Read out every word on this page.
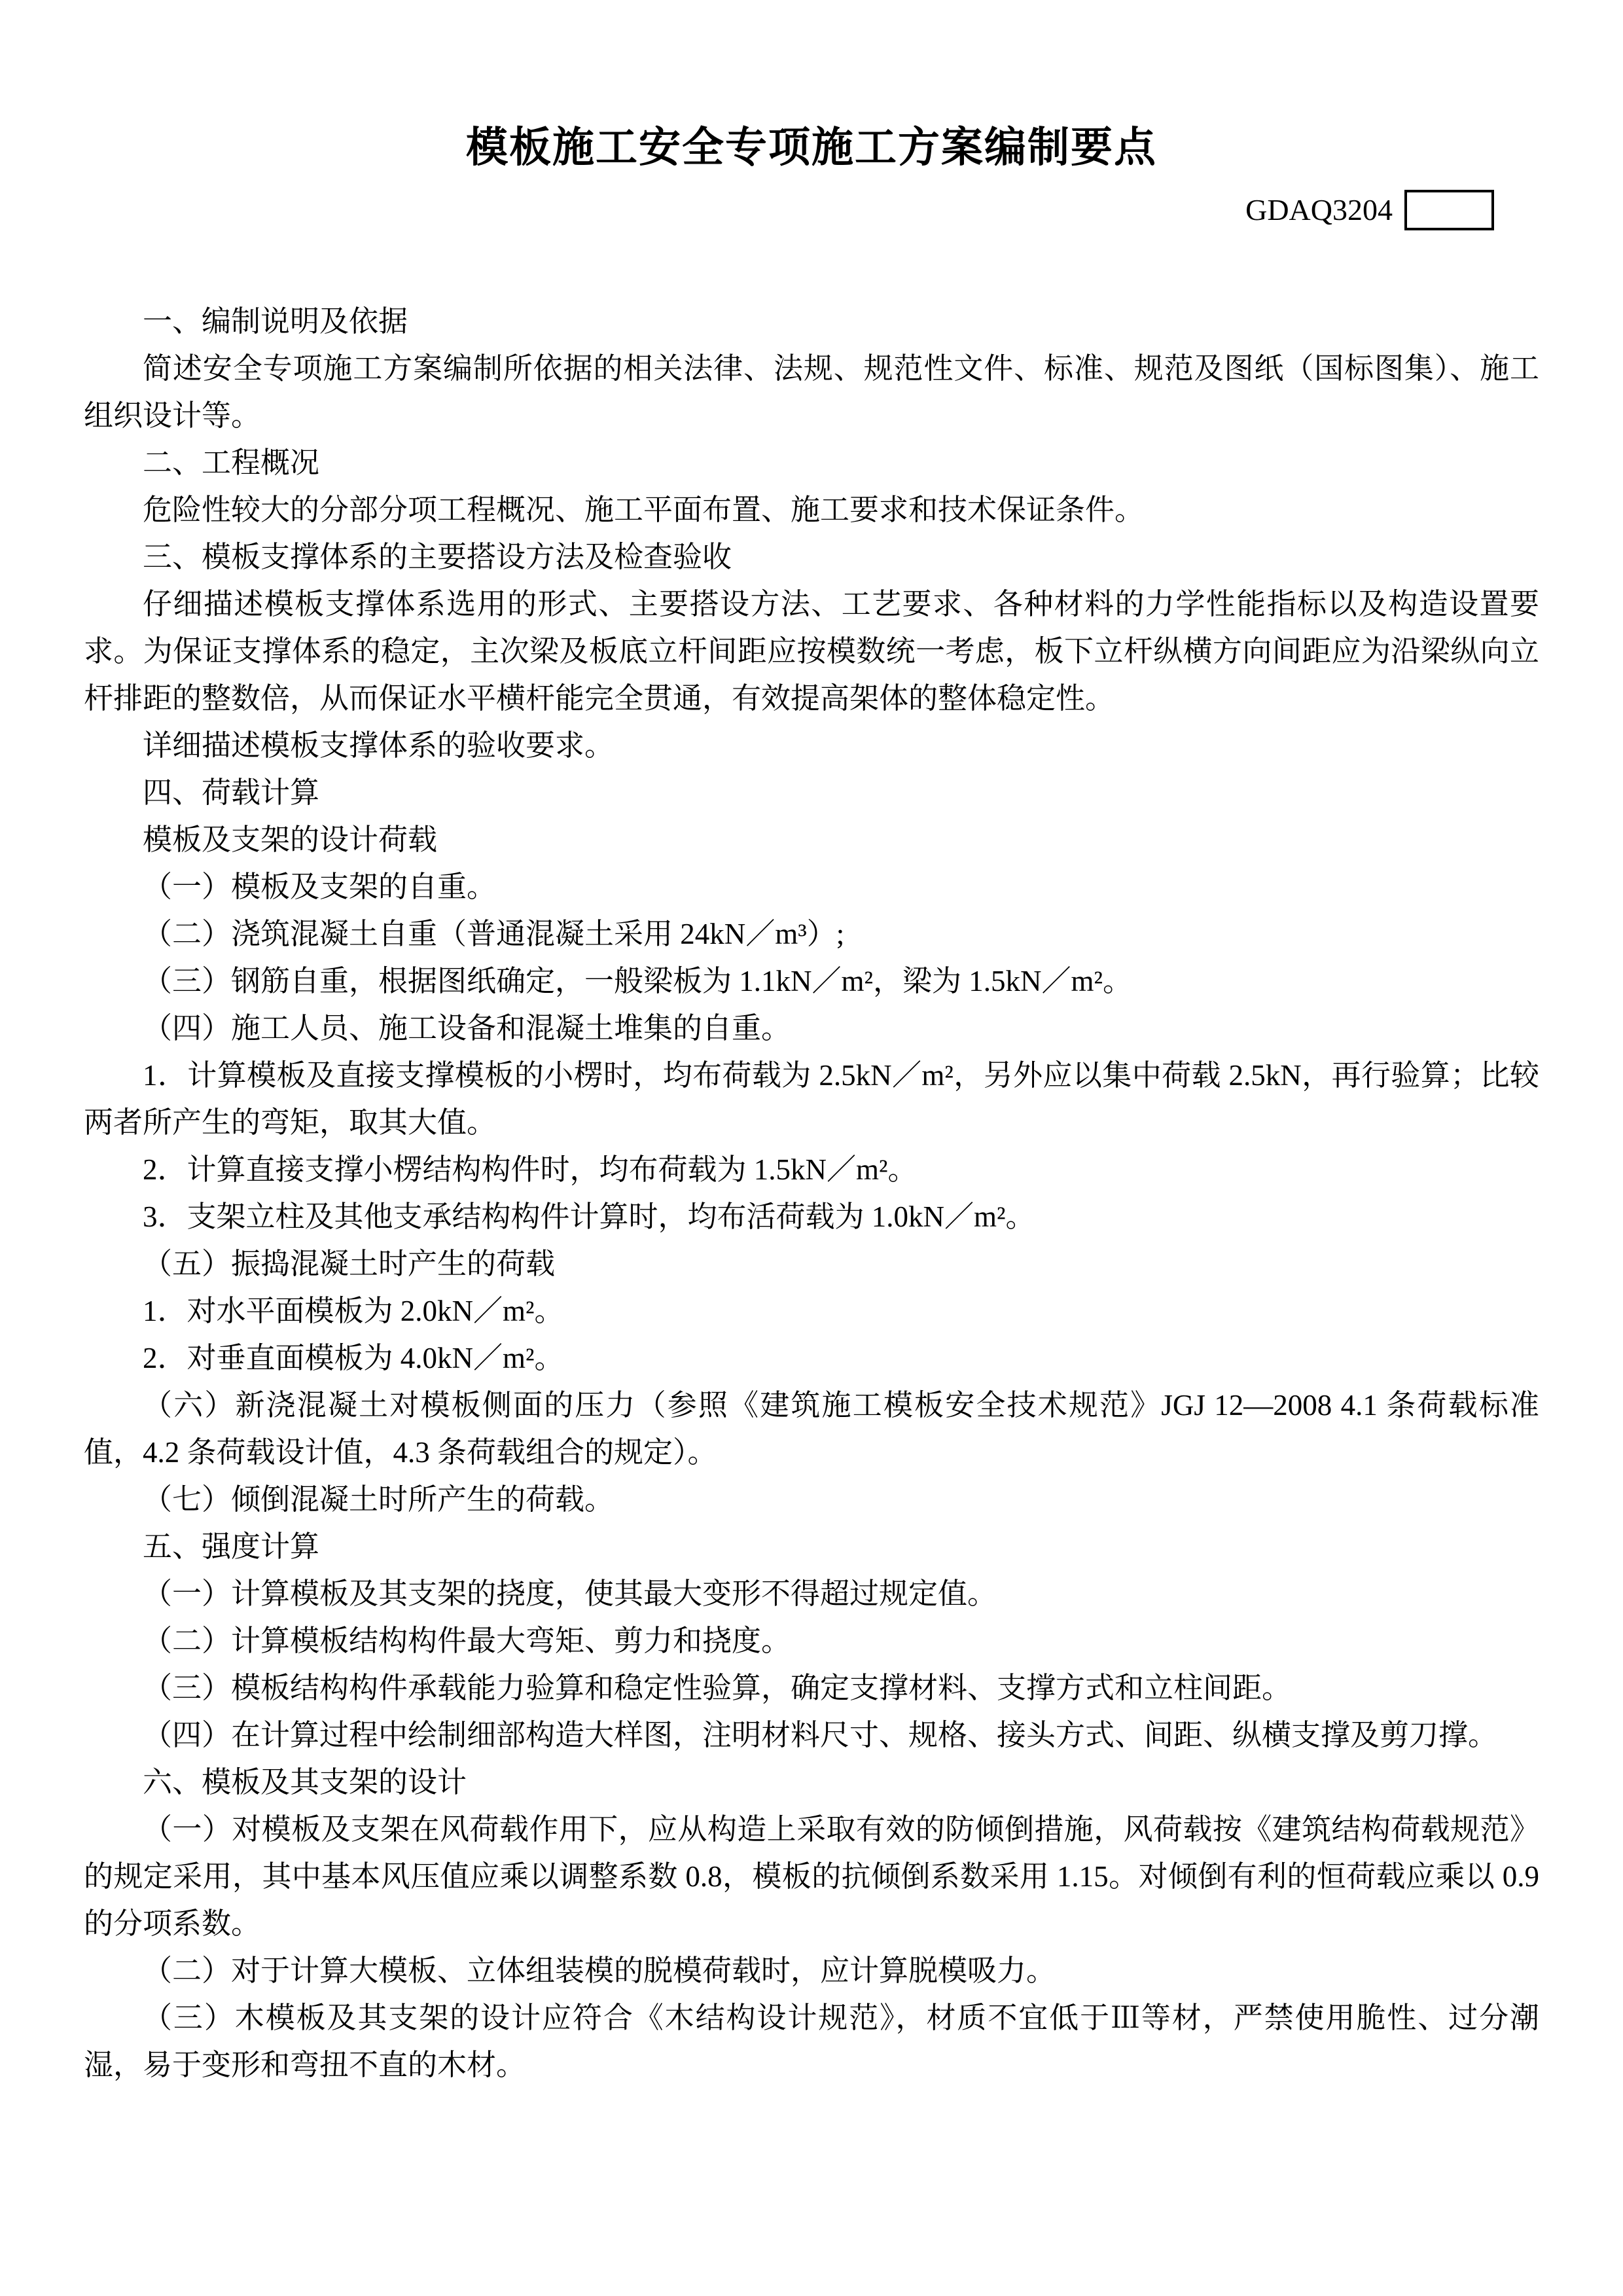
模板施工安全专项施工方案编制要点
GDAQ3204

一、编制说明及依据

简述安全专项施工方案编制所依据的相关法律、法规、规范性文件、标准、规范及图纸（国标图集）、施工组织设计等。

二、工程概况

危险性较大的分部分项工程概况、施工平面布置、施工要求和技术保证条件。

三、模板支撑体系的主要搭设方法及检查验收

仔细描述模板支撑体系选用的形式、主要搭设方法、工艺要求、各种材料的力学性能指标以及构造设置要求。为保证支撑体系的稳定，主次梁及板底立杆间距应按模数统一考虑，板下立杆纵横方向间距应为沿梁纵向立杆排距的整数倍，从而保证水平横杆能完全贯通，有效提高架体的整体稳定性。

详细描述模板支撑体系的验收要求。

四、荷载计算

模板及支架的设计荷载

（一）模板及支架的自重。

（二）浇筑混凝土自重（普通混凝土采用 24kN／m³）;

（三）钢筋自重，根据图纸确定，一般梁板为 1.1kN／m²，梁为 1.5kN／m²。

（四）施工人员、施工设备和混凝土堆集的自重。

1．计算模板及直接支撑模板的小楞时，均布荷载为 2.5kN／m²，另外应以集中荷载 2.5kN，再行验算；比较两者所产生的弯矩，取其大值。

2．计算直接支撑小楞结构构件时，均布荷载为 1.5kN／m²。

3．支架立柱及其他支承结构构件计算时，均布活荷载为 1.0kN／m²。

（五）振捣混凝土时产生的荷载

1．对水平面模板为 2.0kN／m²。

2．对垂直面模板为 4.0kN／m²。

（六）新浇混凝土对模板侧面的压力（参照《建筑施工模板安全技术规范》JGJ 12—2008 4.1 条荷载标准值，4.2 条荷载设计值，4.3 条荷载组合的规定）。

（七）倾倒混凝土时所产生的荷载。

五、强度计算

（一）计算模板及其支架的挠度，使其最大变形不得超过规定值。

（二）计算模板结构构件最大弯矩、剪力和挠度。

（三）模板结构构件承载能力验算和稳定性验算，确定支撑材料、支撑方式和立柱间距。

（四）在计算过程中绘制细部构造大样图，注明材料尺寸、规格、接头方式、间距、纵横支撑及剪刀撑。

六、模板及其支架的设计

（一）对模板及支架在风荷载作用下，应从构造上采取有效的防倾倒措施，风荷载按《建筑结构荷载规范》的规定采用，其中基本风压值应乘以调整系数 0.8，模板的抗倾倒系数采用 1.15。对倾倒有利的恒荷载应乘以 0.9 的分项系数。

（二）对于计算大模板、立体组装模的脱模荷载时，应计算脱模吸力。

（三）木模板及其支架的设计应符合《木结构设计规范》，材质不宜低于Ⅲ等材，严禁使用脆性、过分潮湿，易于变形和弯扭不直的木材。
